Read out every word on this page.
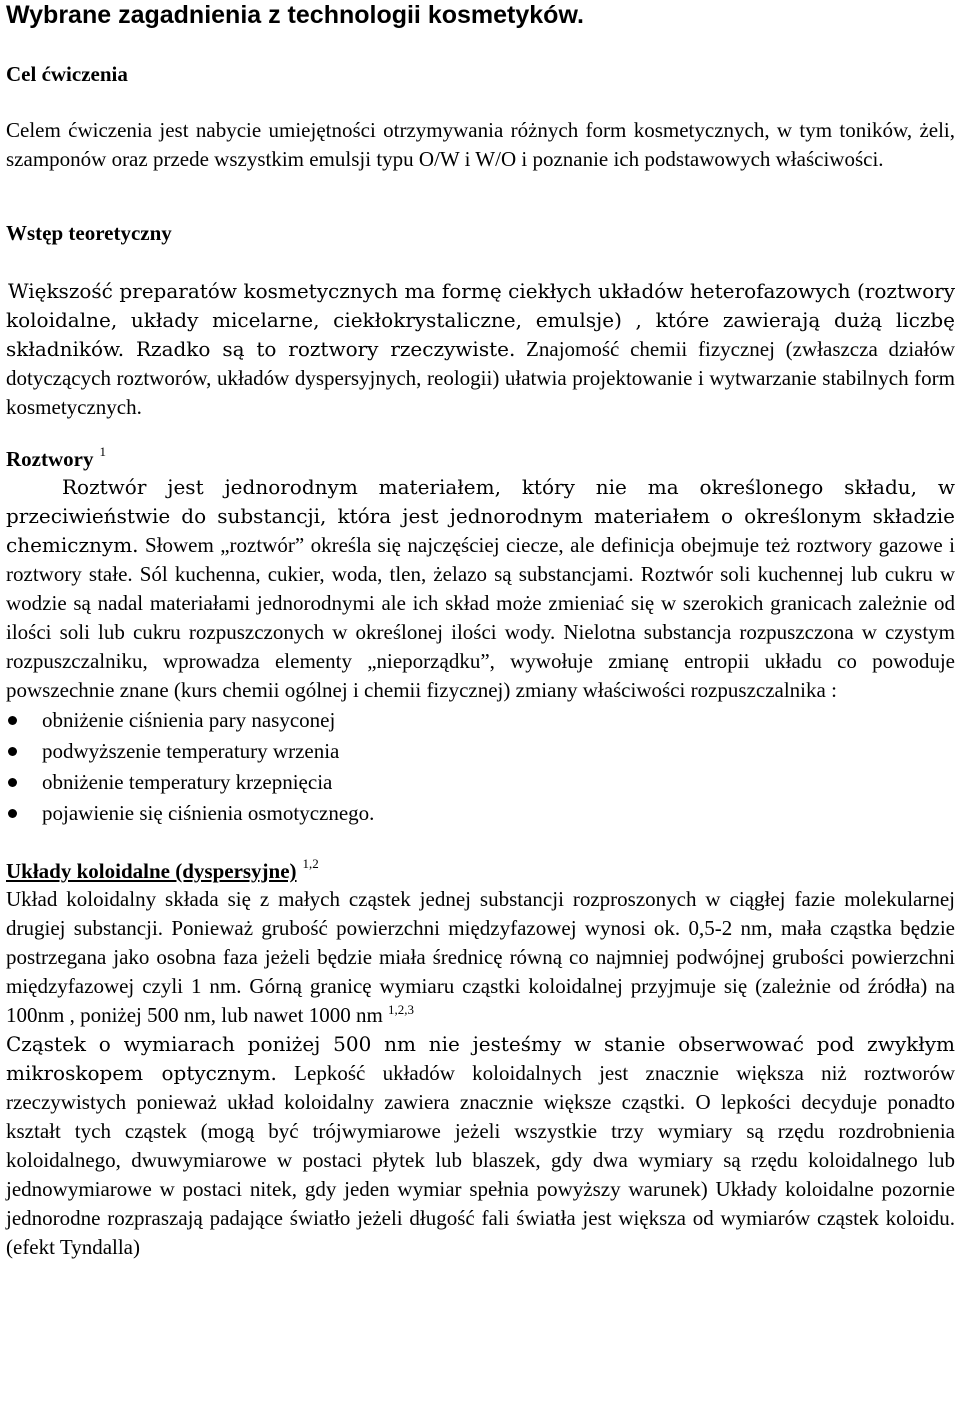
Wybrane zagadnienia z technologii kosmetyków.
Cel ćwiczenia

Celem ćwiczenia jest nabycie umiejętności otrzymywania różnych form kosmetycznych, w tym toników, żeli, szamponów oraz przede wszystkim emulsji typu O/W i W/O i poznanie ich podstawowych właściwości.

Wstęp teoretyczny

Większość preparatów kosmetycznych ma formę ciekłych układów heterofazowych (roztwory koloidalne, układy micelarne, ciekłokrystaliczne, emulsje) , które zawierają dużą liczbę składników. Rzadko są to roztwory rzeczywiste. Znajomość chemii fizycznej (zwłaszcza działów dotyczących roztworów, układów dyspersyjnych, reologii) ułatwia projektowanie i wytwarzanie stabilnych form kosmetycznych.

Roztwory $^1$

Roztwór jest jednorodnym materiałem, który nie ma określonego składu, w przeciwieństwie do substancji, która jest jednorodnym materiałem o określonym składzie chemicznym. Słowem „roztwór” określa się najczęściej ciecze, ale definicja obejmuje też roztwory gazowe i roztwory stałe. Sól kuchenna, cukier, woda, tlen, żelazo są substancjami. Roztwór soli kuchennej lub cukru w wodzie są nadal materiałami jednorodnymi ale ich skład może zmieniać się w szerokich granicach zależnie od ilości soli lub cukru rozpuszczonych w określonej ilości wody. Nielotna substancja rozpuszczona w czystym rozpuszczalniku, wprowadza elementy „nieporządku”, wywołuje zmianę entropii układu co powoduje powszechnie znane (kurs chemii ogólnej i chemii fizycznej) zmiany właściwości rozpuszczalnika :

obniżenie ciśnienia pary nasyconej
podwyższenie temperatury wrzenia
obniżenie temperatury krzepnięcia
pojawienie się ciśnienia osmotycznego.
Układy koloidalne (dyspersyjne) $^{1,2}$

Układ koloidalny składa się z małych cząstek jednej substancji rozproszonych w ciągłej fazie molekularnej drugiej substancji. Ponieważ grubość powierzchni międzyfazowej wynosi ok. 0,5-2 nm, mała cząstka będzie postrzegana jako osobna faza jeżeli będzie miała średnicę równą co najmniej podwójnej grubości powierzchni międzyfazowej czyli 1 nm. Górną granicę wymiaru cząstki koloidalnej przyjmuje się (zależnie od źródła) na 100nm , poniżej 500 nm, lub nawet 1000 nm $^{1,2,3}$

Cząstek o wymiarach poniżej 500 nm nie jesteśmy w stanie obserwować pod zwykłym mikroskopem optycznym. Lepkość układów koloidalnych jest znacznie większa niż roztworów rzeczywistych ponieważ układ koloidalny zawiera znacznie większe cząstki. O lepkości decyduje ponadto kształt tych cząstek (mogą być trójwymiarowe jeżeli wszystkie trzy wymiary są rzędu rozdrobnienia koloidalnego, dwuwymiarowe w postaci płytek lub blaszek, gdy dwa wymiary są rzędu koloidalnego lub jednowymiarowe w postaci nitek, gdy jeden wymiar spełnia powyższy warunek) Układy koloidalne pozornie jednorodne rozpraszają padające światło jeżeli długość fali światła jest większa od wymiarów cząstek koloidu.(efekt Tyndalla)
